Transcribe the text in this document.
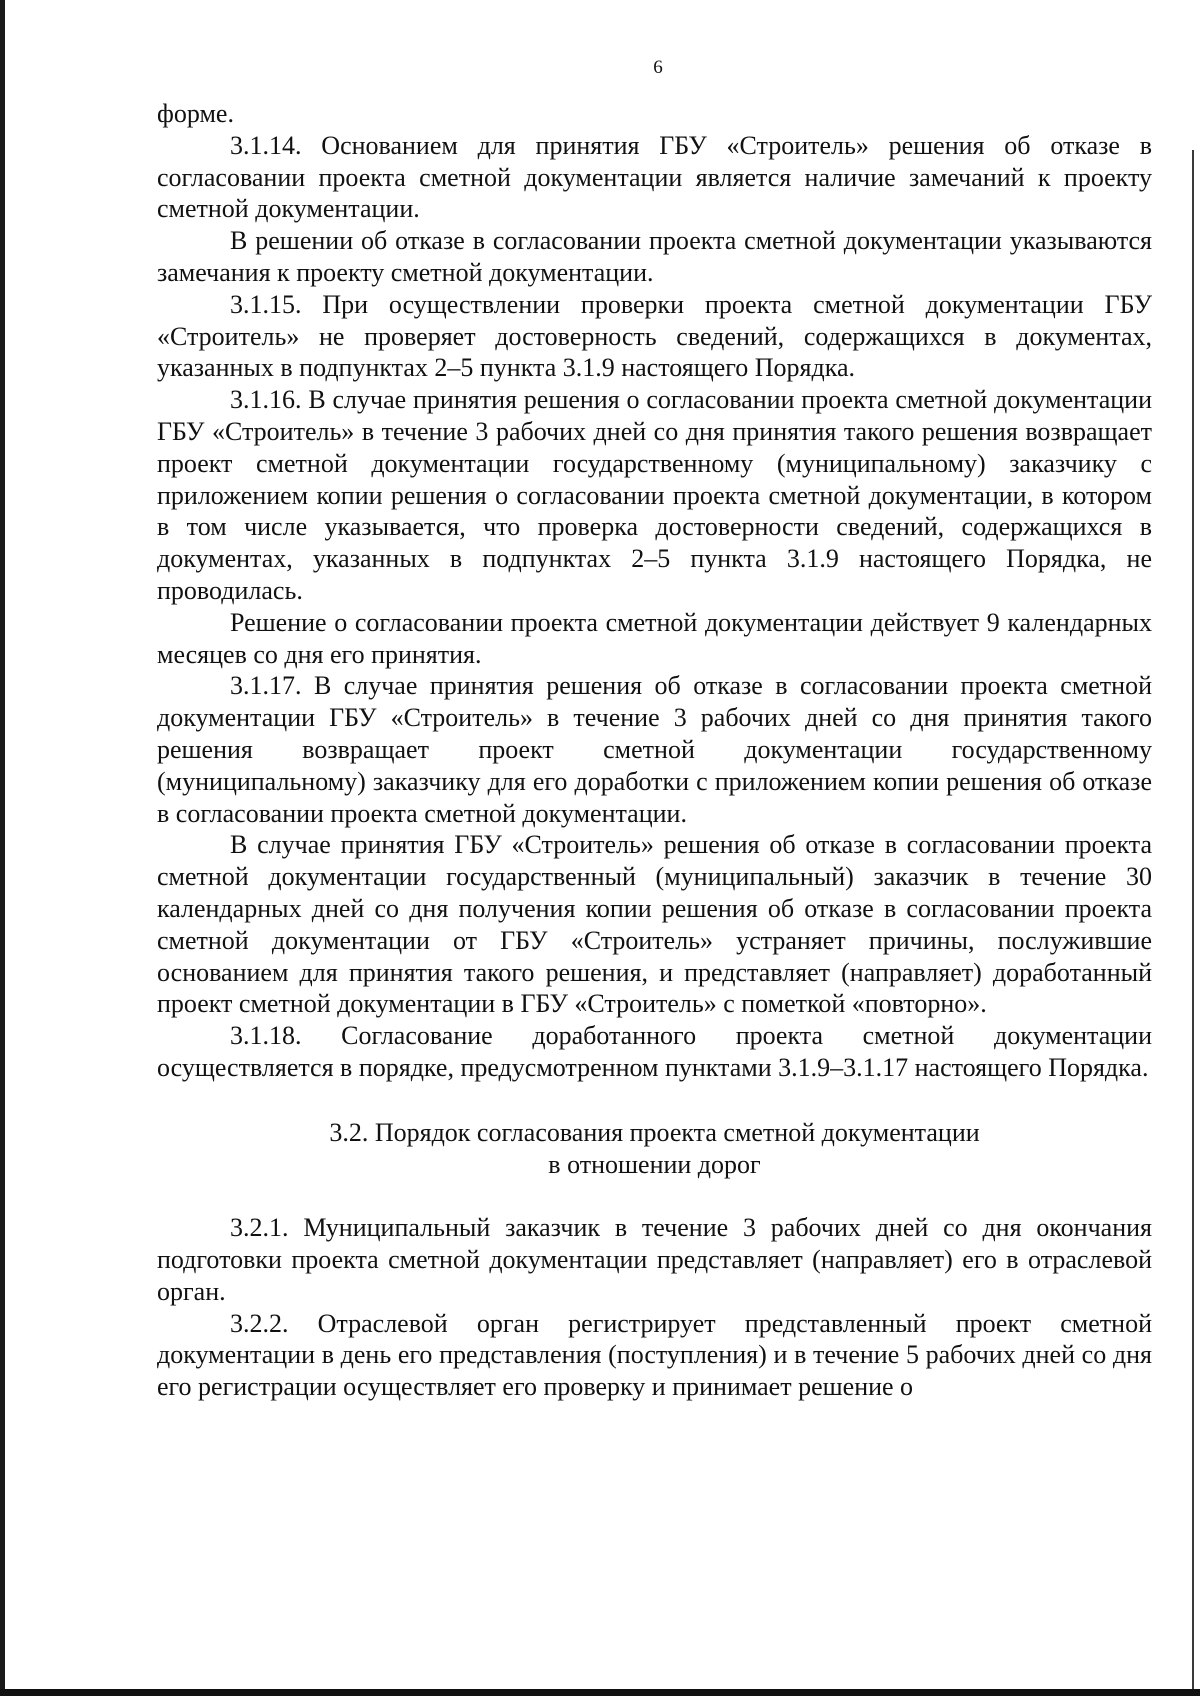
6

форме.

3.1.14. Основанием для принятия ГБУ «Строитель» решения об отказе в согласовании проекта сметной документации является наличие замечаний к проекту сметной документации.

В решении об отказе в согласовании проекта сметной документации указываются замечания к проекту сметной документации.

3.1.15. При осуществлении проверки проекта сметной документации ГБУ «Строитель» не проверяет достоверность сведений, содержащихся в документах, указанных в подпунктах 2–5 пункта 3.1.9 настоящего Порядка.

3.1.16. В случае принятия решения о согласовании проекта сметной документации ГБУ «Строитель» в течение 3 рабочих дней со дня принятия такого решения возвращает проект сметной документации государственному (муниципальному) заказчику с приложением копии решения о согласовании проекта сметной документации, в котором в том числе указывается, что проверка достоверности сведений, содержащихся в документах, указанных в подпунктах 2–5 пункта 3.1.9 настоящего Порядка, не проводилась.

Решение о согласовании проекта сметной документации действует 9 календарных месяцев со дня его принятия.

3.1.17. В случае принятия решения об отказе в согласовании проекта сметной документации ГБУ «Строитель» в течение 3 рабочих дней со дня принятия такого решения возвращает проект сметной документации государственному (муниципальному) заказчику для его доработки с приложением копии решения об отказе в согласовании проекта сметной документации.

В случае принятия ГБУ «Строитель» решения об отказе в согласовании проекта сметной документации государственный (муниципальный) заказчик в течение 30 календарных дней со дня получения копии решения об отказе в согласовании проекта сметной документации от ГБУ «Строитель» устраняет причины, послужившие основанием для принятия такого решения, и представляет (направляет) доработанный проект сметной документации в ГБУ «Строитель» с пометкой «повторно».

3.1.18. Согласование доработанного проекта сметной документации осуществляется в порядке, предусмотренном пунктами 3.1.9–3.1.17 настоящего Порядка.

3.2. Порядок согласования проекта сметной документации

в отношении дорог

3.2.1. Муниципальный заказчик в течение 3 рабочих дней со дня окончания подготовки проекта сметной документации представляет (направляет) его в отраслевой орган.

3.2.2. Отраслевой орган регистрирует представленный проект сметной документации в день его представления (поступления) и в течение 5 рабочих дней со дня его регистрации осуществляет его проверку и принимает решение о
